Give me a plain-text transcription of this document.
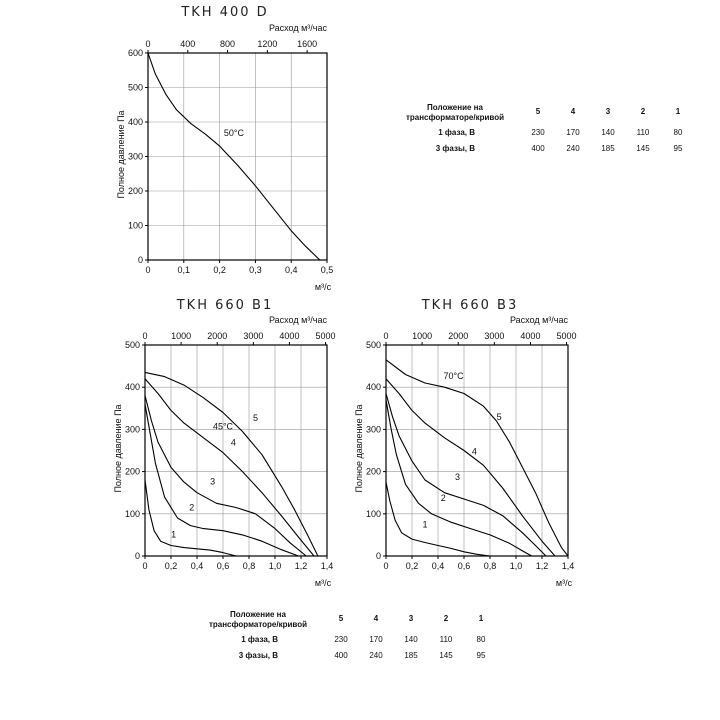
TKH 400 D
0	0,1	0,2	0,3	0,4	0,5
м³/с
0	400	800 1200 1600
Расход м³/час
0
100
200
300
400
500
600
Полное давление Па	50°C
TKH 660 B1
0 0,2 0,4 0,6 0,8 1,0 1,2 1,4
м³/с
0	1000 2000 3000 4000 5000
Расход м³/час
0
100
200
300
400
500
Полное давление Па	5
4
3
2
1
45°C
TKH 660 B3
0 0,2 0,4 0,6 0,8 1,0 1,2 1,4
м³/с
0	1000 2000 3000 4000 5000
Расход м³/час
0
100
200
300
400
500
Полное давление Па	5
4
3
2
1
70°C
Положение на
трансформаторе/кривой
5	4	3	2	1
1 фаза, В	230	170	140	110	80
3 фазы, В	400	240	185	145	95
Положение на
трансформаторе/кривой
5	4	3	2	1
1 фаза, В	230	170	140	110	80
3 фазы, В	400	240	185	145	95
